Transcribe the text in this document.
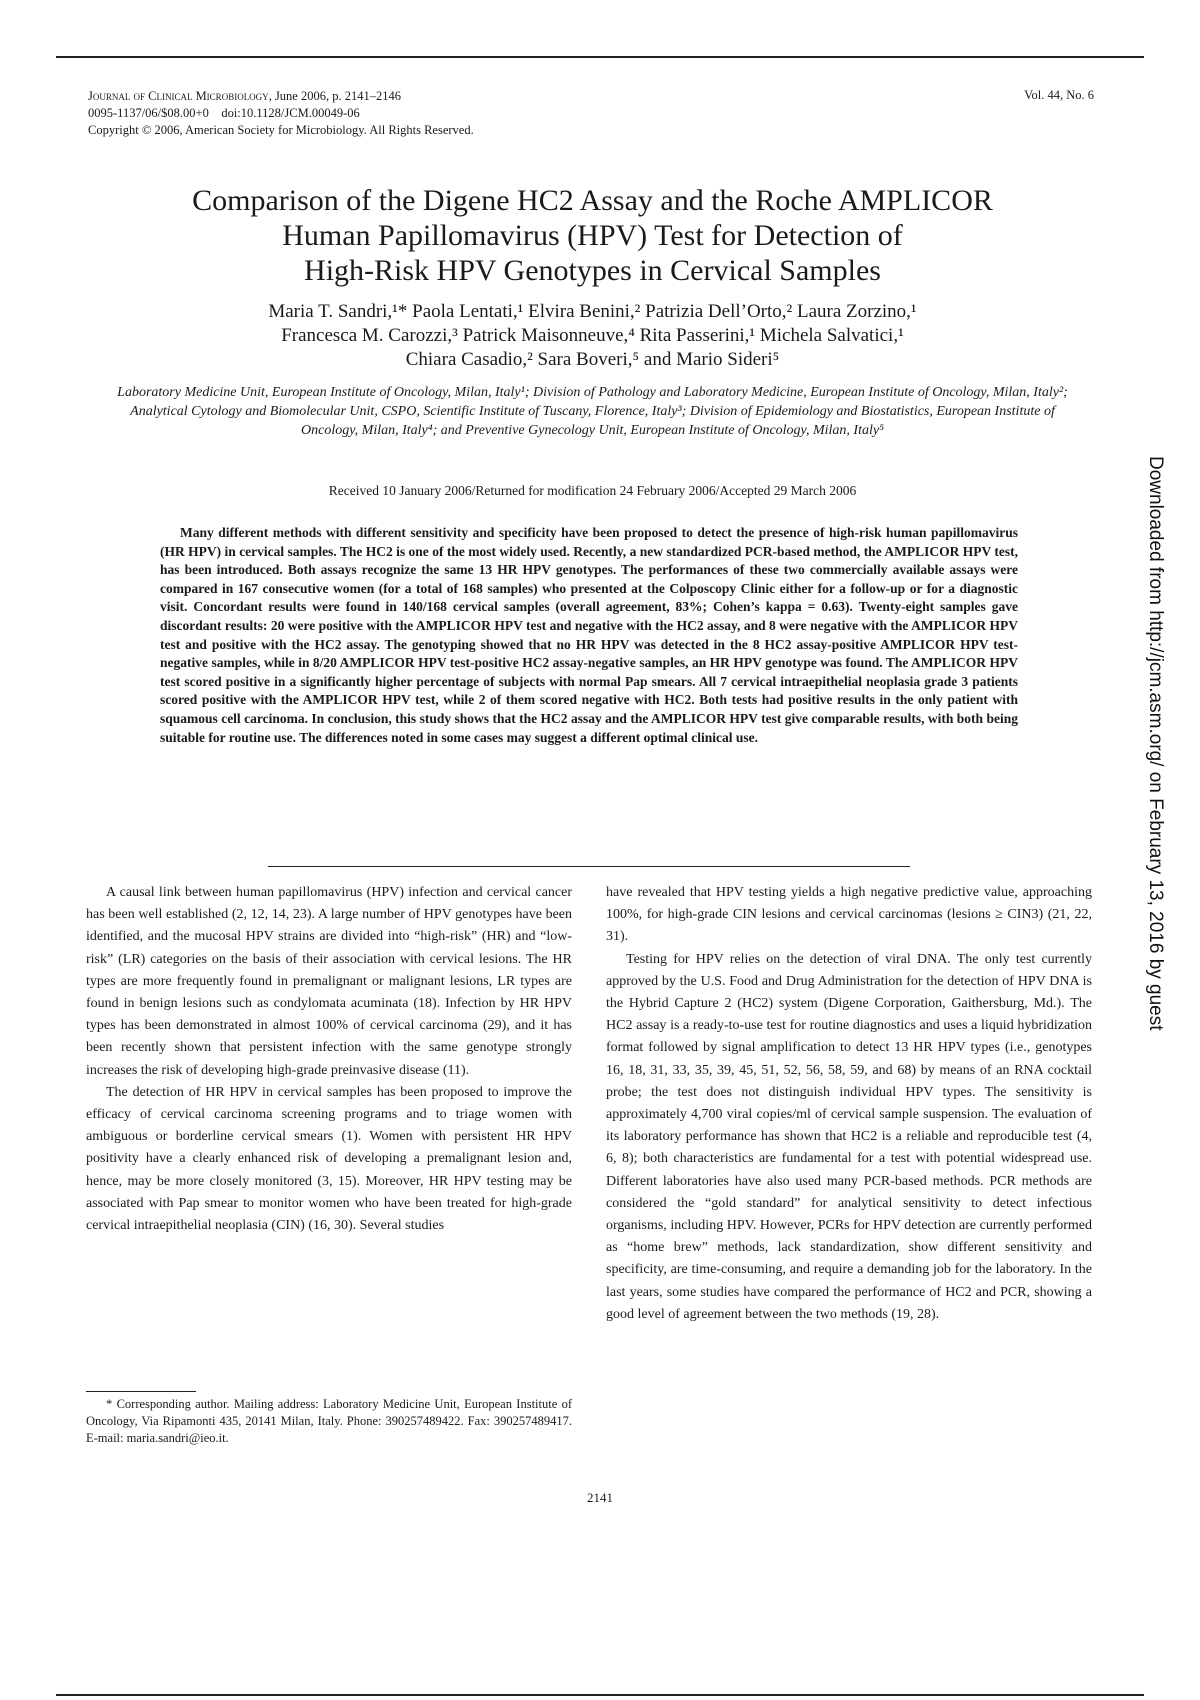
Journal of Clinical Microbiology, June 2006, p. 2141–2146
0095-1137/06/$08.00+0    doi:10.1128/JCM.00049-06
Copyright © 2006, American Society for Microbiology. All Rights Reserved.
Vol. 44, No. 6
Comparison of the Digene HC2 Assay and the Roche AMPLICOR
Human Papillomavirus (HPV) Test for Detection of
High-Risk HPV Genotypes in Cervical Samples
Maria T. Sandri,¹* Paola Lentati,¹ Elvira Benini,² Patrizia Dell’Orto,² Laura Zorzino,¹
Francesca M. Carozzi,³ Patrick Maisonneuve,⁴ Rita Passerini,¹ Michela Salvatici,¹
Chiara Casadio,² Sara Boveri,⁵ and Mario Sideri⁵
Laboratory Medicine Unit, European Institute of Oncology, Milan, Italy¹; Division of Pathology and Laboratory Medicine, European Institute of Oncology, Milan, Italy²; Analytical Cytology and Biomolecular Unit, CSPO, Scientific Institute of Tuscany, Florence, Italy³; Division of Epidemiology and Biostatistics, European Institute of Oncology, Milan, Italy⁴; and Preventive Gynecology Unit, European Institute of Oncology, Milan, Italy⁵
Received 10 January 2006/Returned for modification 24 February 2006/Accepted 29 March 2006
Many different methods with different sensitivity and specificity have been proposed to detect the presence of high-risk human papillomavirus (HR HPV) in cervical samples. The HC2 is one of the most widely used. Recently, a new standardized PCR-based method, the AMPLICOR HPV test, has been introduced. Both assays recognize the same 13 HR HPV genotypes. The performances of these two commercially available assays were compared in 167 consecutive women (for a total of 168 samples) who presented at the Colposcopy Clinic either for a follow-up or for a diagnostic visit. Concordant results were found in 140/168 cervical samples (overall agreement, 83%; Cohen’s kappa = 0.63). Twenty-eight samples gave discordant results: 20 were positive with the AMPLICOR HPV test and negative with the HC2 assay, and 8 were negative with the AMPLICOR HPV test and positive with the HC2 assay. The genotyping showed that no HR HPV was detected in the 8 HC2 assay-positive AMPLICOR HPV test-negative samples, while in 8/20 AMPLICOR HPV test-positive HC2 assay-negative samples, an HR HPV genotype was found. The AMPLICOR HPV test scored positive in a significantly higher percentage of subjects with normal Pap smears. All 7 cervical intraepithelial neoplasia grade 3 patients scored positive with the AMPLICOR HPV test, while 2 of them scored negative with HC2. Both tests had positive results in the only patient with squamous cell carcinoma. In conclusion, this study shows that the HC2 assay and the AMPLICOR HPV test give comparable results, with both being suitable for routine use. The differences noted in some cases may suggest a different optimal clinical use.

A causal link between human papillomavirus (HPV) infection and cervical cancer has been well established (2, 12, 14, 23). A large number of HPV genotypes have been identified, and the mucosal HPV strains are divided into “high-risk” (HR) and “low-risk” (LR) categories on the basis of their association with cervical lesions. The HR types are more frequently found in premalignant or malignant lesions, LR types are found in benign lesions such as condylomata acuminata (18). Infection by HR HPV types has been demonstrated in almost 100% of cervical carcinoma (29), and it has been recently shown that persistent infection with the same genotype strongly increases the risk of developing high-grade preinvasive disease (11).

The detection of HR HPV in cervical samples has been proposed to improve the efficacy of cervical carcinoma screening programs and to triage women with ambiguous or borderline cervical smears (1). Women with persistent HR HPV positivity have a clearly enhanced risk of developing a premalignant lesion and, hence, may be more closely monitored (3, 15). Moreover, HR HPV testing may be associated with Pap smear to monitor women who have been treated for high-grade cervical intraepithelial neoplasia (CIN) (16, 30). Several studies

have revealed that HPV testing yields a high negative predictive value, approaching 100%, for high-grade CIN lesions and cervical carcinomas (lesions ≥ CIN3) (21, 22, 31).

Testing for HPV relies on the detection of viral DNA. The only test currently approved by the U.S. Food and Drug Administration for the detection of HPV DNA is the Hybrid Capture 2 (HC2) system (Digene Corporation, Gaithersburg, Md.). The HC2 assay is a ready-to-use test for routine diagnostics and uses a liquid hybridization format followed by signal amplification to detect 13 HR HPV types (i.e., genotypes 16, 18, 31, 33, 35, 39, 45, 51, 52, 56, 58, 59, and 68) by means of an RNA cocktail probe; the test does not distinguish individual HPV types. The sensitivity is approximately 4,700 viral copies/ml of cervical sample suspension. The evaluation of its laboratory performance has shown that HC2 is a reliable and reproducible test (4, 6, 8); both characteristics are fundamental for a test with potential widespread use. Different laboratories have also used many PCR-based methods. PCR methods are considered the “gold standard” for analytical sensitivity to detect infectious organisms, including HPV. However, PCRs for HPV detection are currently performed as “home brew” methods, lack standardization, show different sensitivity and specificity, are time-consuming, and require a demanding job for the laboratory. In the last years, some studies have compared the performance of HC2 and PCR, showing a good level of agreement between the two methods (19, 28).

* Corresponding author. Mailing address: Laboratory Medicine Unit, European Institute of Oncology, Via Ripamonti 435, 20141 Milan, Italy. Phone: 390257489422. Fax: 390257489417. E-mail: maria.sandri@ieo.it.
2141
Downloaded from http://jcm.asm.org/ on February 13, 2016 by guest
